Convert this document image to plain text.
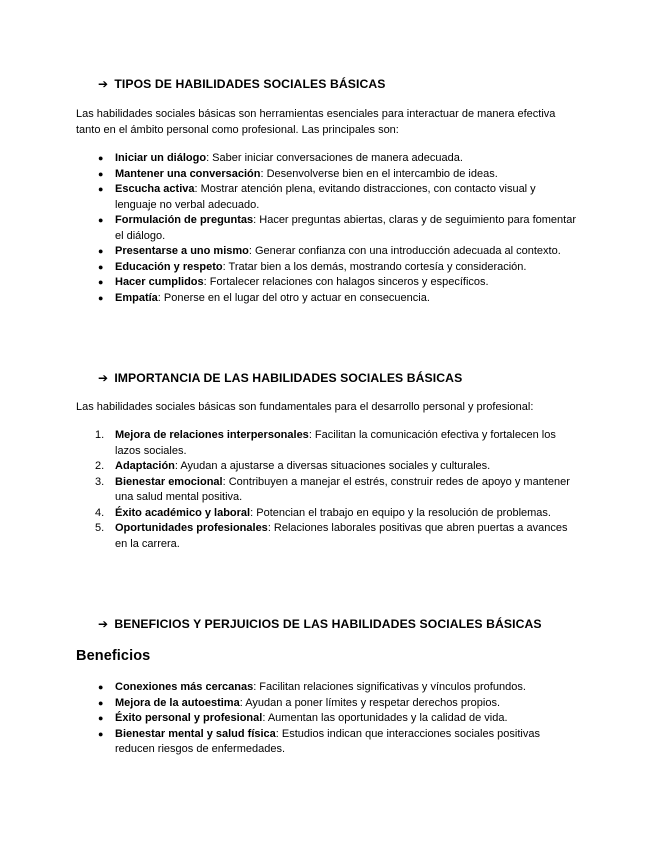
➔ TIPOS DE HABILIDADES SOCIALES BÁSICAS

Las habilidades sociales básicas son herramientas esenciales para interactuar de manera efectiva tanto en el ámbito personal como profesional. Las principales son:

● Iniciar un diálogo: Saber iniciar conversaciones de manera adecuada.
● Mantener una conversación: Desenvolverse bien en el intercambio de ideas.
● Escucha activa: Mostrar atención plena, evitando distracciones, con contacto visual y lenguaje no verbal adecuado.
● Formulación de preguntas: Hacer preguntas abiertas, claras y de seguimiento para fomentar el diálogo.
● Presentarse a uno mismo: Generar confianza con una introducción adecuada al contexto.
● Educación y respeto: Tratar bien a los demás, mostrando cortesía y consideración.
● Hacer cumplidos: Fortalecer relaciones con halagos sinceros y específicos.
● Empatía: Ponerse en el lugar del otro y actuar en consecuencia.
➔ IMPORTANCIA DE LAS HABILIDADES SOCIALES BÁSICAS

Las habilidades sociales básicas son fundamentales para el desarrollo personal y profesional:

1. Mejora de relaciones interpersonales: Facilitan la comunicación efectiva y fortalecen los lazos sociales.
2. Adaptación: Ayudan a ajustarse a diversas situaciones sociales y culturales.
3. Bienestar emocional: Contribuyen a manejar el estrés, construir redes de apoyo y mantener una salud mental positiva.
4. Éxito académico y laboral: Potencian el trabajo en equipo y la resolución de problemas.
5. Oportunidades profesionales: Relaciones laborales positivas que abren puertas a avances en la carrera.
➔ BENEFICIOS Y PERJUICIOS DE LAS HABILIDADES SOCIALES BÁSICAS
Beneficios
● Conexiones más cercanas: Facilitan relaciones significativas y vínculos profundos.
● Mejora de la autoestima: Ayudan a poner límites y respetar derechos propios.
● Éxito personal y profesional: Aumentan las oportunidades y la calidad de vida.
● Bienestar mental y salud física: Estudios indican que interacciones sociales positivas reducen riesgos de enfermedades.
